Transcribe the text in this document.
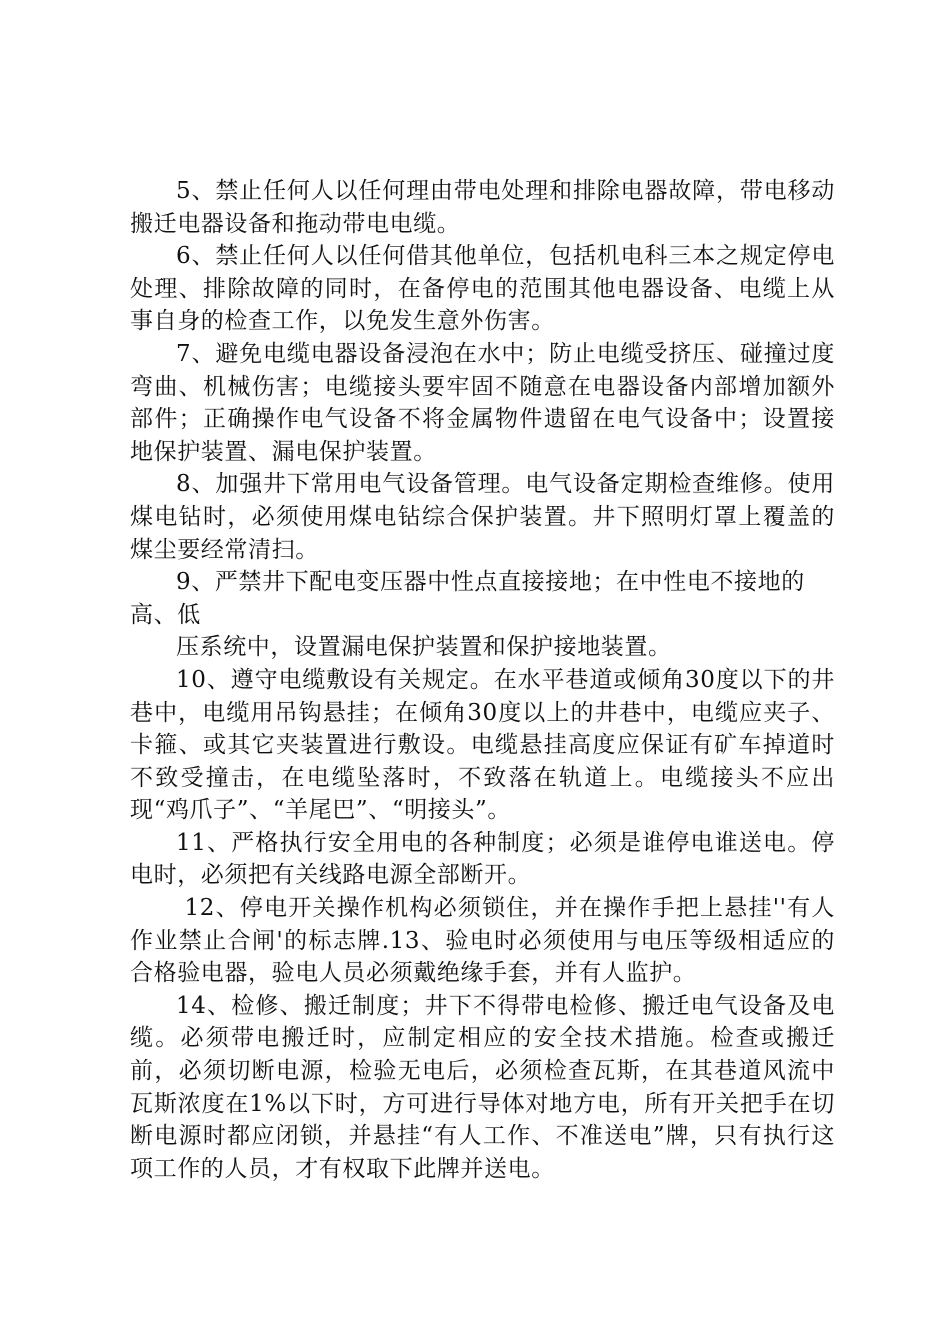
5、禁止任何人以任何理由带电处理和排除电器故障，带电移动搬迁电器设备和拖动带电电缆。

6、禁止任何人以任何借其他单位，包括机电科三本之规定停电处理、排除故障的同时，在备停电的范围其他电器设备、电缆上从事自身的检查工作，以免发生意外伤害。

7、避免电缆电器设备浸泡在水中；防止电缆受挤压、碰撞过度弯曲、机械伤害；电缆接头要牢固不随意在电器设备内部增加额外部件；正确操作电气设备不将金属物件遗留在电气设备中；设置接地保护装置、漏电保护装置。

8、加强井下常用电气设备管理。电气设备定期检查维修。使用煤电钻时，必须使用煤电钻综合保护装置。井下照明灯罩上覆盖的煤尘要经常清扫。

9、严禁井下配电变压器中性点直接接地；在中性电不接地的高、低

压系统中，设置漏电保护装置和保护接地装置。

10、遵守电缆敷设有关规定。在水平巷道或倾角30度以下的井巷中，电缆用吊钩悬挂；在倾角30度以上的井巷中，电缆应夹子、卡箍、或其它夹装置进行敷设。电缆悬挂高度应保证有矿车掉道时不致受撞击，在电缆坠落时，不致落在轨道上。电缆接头不应出现“鸡爪子”、“羊尾巴”、“明接头”。

11、严格执行安全用电的各种制度；必须是谁停电谁送电。停电时，必须把有关线路电源全部断开。

12、停电开关操作机构必须锁住，并在操作手把上悬挂''有人作业禁止合闸'的标志牌.13、验电时必须使用与电压等级相适应的合格验电器，验电人员必须戴绝缘手套，并有人监护。

14、检修、搬迁制度；井下不得带电检修、搬迁电气设备及电缆。必须带电搬迁时，应制定相应的安全技术措施。检查或搬迁前，必须切断电源，检验无电后，必须检查瓦斯，在其巷道风流中瓦斯浓度在1%以下时，方可进行导体对地方电，所有开关把手在切断电源时都应闭锁，并悬挂“有人工作、不准送电”牌，只有执行这项工作的人员，才有权取下此牌并送电。
